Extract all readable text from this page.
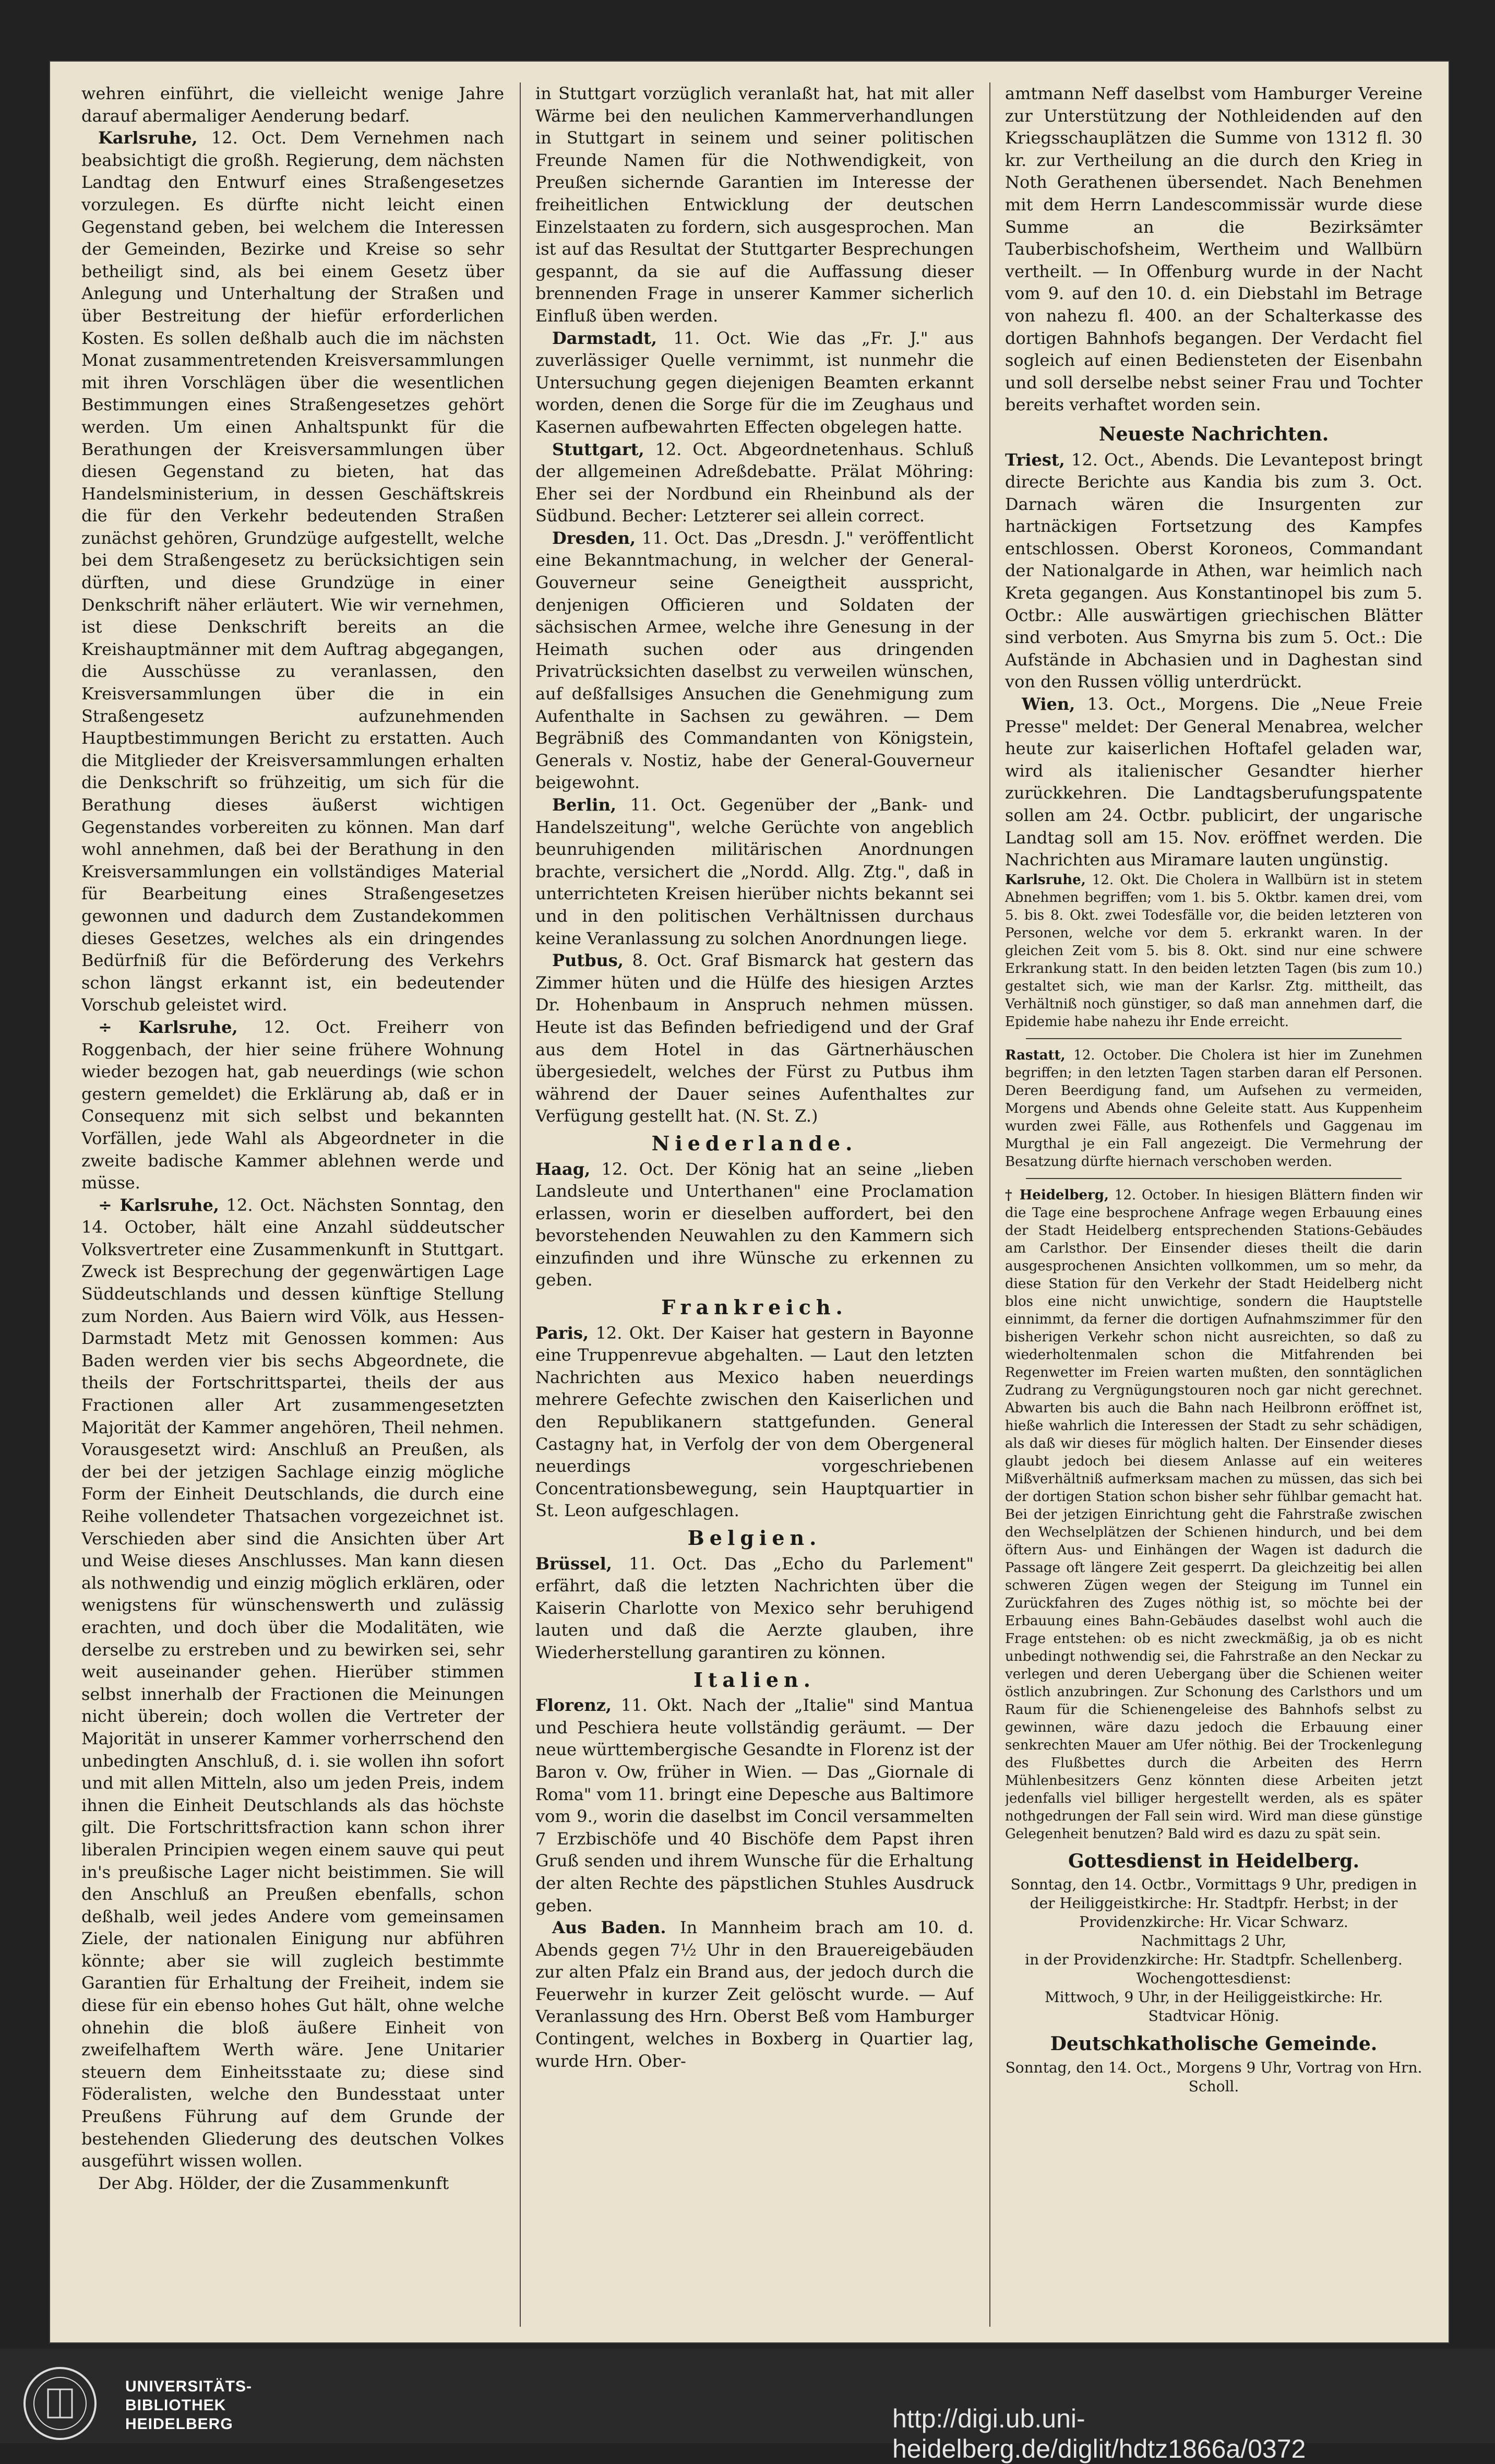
wehren einführt, die vielleicht wenige Jahre darauf abermaliger Aenderung bedarf.

Karlsruhe, 12. Oct. Dem Vernehmen nach beabsichtigt die großh. Regierung, dem nächsten Landtag den Entwurf eines Straßengesetzes vorzulegen. Es dürfte nicht leicht einen Gegenstand geben, bei welchem die Interessen der Gemeinden, Bezirke und Kreise so sehr betheiligt sind, als bei einem Gesetz über Anlegung und Unterhaltung der Straßen und über Bestreitung der hiefür erforderlichen Kosten. Es sollen deßhalb auch die im nächsten Monat zusammentretenden Kreisversammlungen mit ihren Vorschlägen über die wesentlichen Bestimmungen eines Straßengesetzes gehört werden. Um einen Anhaltspunkt für die Berathungen der Kreisversammlungen über diesen Gegenstand zu bieten, hat das Handelsministerium, in dessen Geschäftskreis die für den Verkehr bedeutenden Straßen zunächst gehören, Grundzüge aufgestellt, welche bei dem Straßengesetz zu berücksichtigen sein dürften, und diese Grundzüge in einer Denkschrift näher erläutert. Wie wir vernehmen, ist diese Denkschrift bereits an die Kreishauptmänner mit dem Auftrag abgegangen, die Ausschüsse zu veranlassen, den Kreisversammlungen über die in ein Straßengesetz aufzunehmenden Hauptbestimmungen Bericht zu erstatten. Auch die Mitglieder der Kreisversammlungen erhalten die Denkschrift so frühzeitig, um sich für die Berathung dieses äußerst wichtigen Gegenstandes vorbereiten zu können. Man darf wohl annehmen, daß bei der Berathung in den Kreisversammlungen ein vollständiges Material für Bearbeitung eines Straßengesetzes gewonnen und dadurch dem Zustandekommen dieses Gesetzes, welches als ein dringendes Bedürfniß für die Beförderung des Verkehrs schon längst erkannt ist, ein bedeutender Vorschub geleistet wird.

÷ Karlsruhe, 12. Oct. Freiherr von Roggenbach, der hier seine frühere Wohnung wieder bezogen hat, gab neuerdings (wie schon gestern gemeldet) die Erklärung ab, daß er in Consequenz mit sich selbst und bekannten Vorfällen, jede Wahl als Abgeordneter in die zweite badische Kammer ablehnen werde und müsse.

÷ Karlsruhe, 12. Oct. Nächsten Sonntag, den 14. October, hält eine Anzahl süddeutscher Volksvertreter eine Zusammenkunft in Stuttgart. Zweck ist Besprechung der gegenwärtigen Lage Süddeutschlands und dessen künftige Stellung zum Norden. Aus Baiern wird Völk, aus Hessen-Darmstadt Metz mit Genossen kommen: Aus Baden werden vier bis sechs Abgeordnete, die theils der Fortschrittspartei, theils der aus Fractionen aller Art zusammengesetzten Majorität der Kammer angehören, Theil nehmen. Vorausgesetzt wird: Anschluß an Preußen, als der bei der jetzigen Sachlage einzig mögliche Form der Einheit Deutschlands, die durch eine Reihe vollendeter Thatsachen vorgezeichnet ist. Verschieden aber sind die Ansichten über Art und Weise dieses Anschlusses. Man kann diesen als nothwendig und einzig möglich erklären, oder wenigstens für wünschenswerth und zulässig erachten, und doch über die Modalitäten, wie derselbe zu erstreben und zu bewirken sei, sehr weit auseinander gehen. Hierüber stimmen selbst innerhalb der Fractionen die Meinungen nicht überein; doch wollen die Vertreter der Majorität in unserer Kammer vorherrschend den unbedingten Anschluß, d. i. sie wollen ihn sofort und mit allen Mitteln, also um jeden Preis, indem ihnen die Einheit Deutschlands als das höchste gilt. Die Fortschrittsfraction kann schon ihrer liberalen Principien wegen einem sauve qui peut in's preußische Lager nicht beistimmen. Sie will den Anschluß an Preußen ebenfalls, schon deßhalb, weil jedes Andere vom gemeinsamen Ziele, der nationalen Einigung nur abführen könnte; aber sie will zugleich bestimmte Garantien für Erhaltung der Freiheit, indem sie diese für ein ebenso hohes Gut hält, ohne welche ohnehin die bloß äußere Einheit von zweifelhaftem Werth wäre. Jene Unitarier steuern dem Einheitsstaate zu; diese sind Föderalisten, welche den Bundesstaat unter Preußens Führung auf dem Grunde der bestehenden Gliederung des deutschen Volkes ausgeführt wissen wollen.

Der Abg. Hölder, der die Zusammenkunft

in Stuttgart vorzüglich veranlaßt hat, hat mit aller Wärme bei den neulichen Kammerverhandlungen in Stuttgart in seinem und seiner politischen Freunde Namen für die Nothwendigkeit, von Preußen sichernde Garantien im Interesse der freiheitlichen Entwicklung der deutschen Einzelstaaten zu fordern, sich ausgesprochen. Man ist auf das Resultat der Stuttgarter Besprechungen gespannt, da sie auf die Auffassung dieser brennenden Frage in unserer Kammer sicherlich Einfluß üben werden.

Darmstadt, 11. Oct. Wie das „Fr. J." aus zuverlässiger Quelle vernimmt, ist nunmehr die Untersuchung gegen diejenigen Beamten erkannt worden, denen die Sorge für die im Zeughaus und Kasernen aufbewahrten Effecten obgelegen hatte.

Stuttgart, 12. Oct. Abgeordnetenhaus. Schluß der allgemeinen Adreßdebatte. Prälat Möhring: Eher sei der Nordbund ein Rheinbund als der Südbund. Becher: Letzterer sei allein correct.

Dresden, 11. Oct. Das „Dresdn. J." veröffentlicht eine Bekanntmachung, in welcher der General-Gouverneur seine Geneigtheit ausspricht, denjenigen Officieren und Soldaten der sächsischen Armee, welche ihre Genesung in der Heimath suchen oder aus dringenden Privatrücksichten daselbst zu verweilen wünschen, auf deßfallsiges Ansuchen die Genehmigung zum Aufenthalte in Sachsen zu gewähren. — Dem Begräbniß des Commandanten von Königstein, Generals v. Nostiz, habe der General-Gouverneur beigewohnt.

Berlin, 11. Oct. Gegenüber der „Bank- und Handelszeitung", welche Gerüchte von angeblich beunruhigenden militärischen Anordnungen brachte, versichert die „Nordd. Allg. Ztg.", daß in unterrichteten Kreisen hierüber nichts bekannt sei und in den politischen Verhältnissen durchaus keine Veranlassung zu solchen Anordnungen liege.

Putbus, 8. Oct. Graf Bismarck hat gestern das Zimmer hüten und die Hülfe des hiesigen Arztes Dr. Hohenbaum in Anspruch nehmen müssen. Heute ist das Befinden befriedigend und der Graf aus dem Hotel in das Gärtnerhäuschen übergesiedelt, welches der Fürst zu Putbus ihm während der Dauer seines Aufenthaltes zur Verfügung gestellt hat. (N. St. Z.)

Niederlande.

Haag, 12. Oct. Der König hat an seine „lieben Landsleute und Unterthanen" eine Proclamation erlassen, worin er dieselben auffordert, bei den bevorstehenden Neuwahlen zu den Kammern sich einzufinden und ihre Wünsche zu erkennen zu geben.

Frankreich.

Paris, 12. Okt. Der Kaiser hat gestern in Bayonne eine Truppenrevue abgehalten. — Laut den letzten Nachrichten aus Mexico haben neuerdings mehrere Gefechte zwischen den Kaiserlichen und den Republikanern stattgefunden. General Castagny hat, in Verfolg der von dem Obergeneral neuerdings vorgeschriebenen Concentrationsbewegung, sein Hauptquartier in St. Leon aufgeschlagen.

Belgien.

Brüssel, 11. Oct. Das „Echo du Parlement" erfährt, daß die letzten Nachrichten über die Kaiserin Charlotte von Mexico sehr beruhigend lauten und daß die Aerzte glauben, ihre Wiederherstellung garantiren zu können.

Italien.

Florenz, 11. Okt. Nach der „Italie" sind Mantua und Peschiera heute vollständig geräumt. — Der neue württembergische Gesandte in Florenz ist der Baron v. Ow, früher in Wien. — Das „Giornale di Roma" vom 11. bringt eine Depesche aus Baltimore vom 9., worin die daselbst im Concil versammelten 7 Erzbischöfe und 40 Bischöfe dem Papst ihren Gruß senden und ihrem Wunsche für die Erhaltung der alten Rechte des päpstlichen Stuhles Ausdruck geben.

Aus Baden. In Mannheim brach am 10. d. Abends gegen 7½ Uhr in den Brauereigebäuden zur alten Pfalz ein Brand aus, der jedoch durch die Feuerwehr in kurzer Zeit gelöscht wurde. — Auf Veranlassung des Hrn. Oberst Beß vom Hamburger Contingent, welches in Boxberg in Quartier lag, wurde Hrn. Ober-

amtmann Neff daselbst vom Hamburger Vereine zur Unterstützung der Nothleidenden auf den Kriegsschauplätzen die Summe von 1312 fl. 30 kr. zur Vertheilung an die durch den Krieg in Noth Gerathenen übersendet. Nach Benehmen mit dem Herrn Landescommissär wurde diese Summe an die Bezirksämter Tauberbischofsheim, Wertheim und Wallbürn vertheilt. — In Offenburg wurde in der Nacht vom 9. auf den 10. d. ein Diebstahl im Betrage von nahezu fl. 400. an der Schalterkasse des dortigen Bahnhofs begangen. Der Verdacht fiel sogleich auf einen Bediensteten der Eisenbahn und soll derselbe nebst seiner Frau und Tochter bereits verhaftet worden sein.

Neueste Nachrichten.

Triest, 12. Oct., Abends. Die Levantepost bringt directe Berichte aus Kandia bis zum 3. Oct. Darnach wären die Insurgenten zur hartnäckigen Fortsetzung des Kampfes entschlossen. Oberst Koroneos, Commandant der Nationalgarde in Athen, war heimlich nach Kreta gegangen. Aus Konstantinopel bis zum 5. Octbr.: Alle auswärtigen griechischen Blätter sind verboten. Aus Smyrna bis zum 5. Oct.: Die Aufstände in Abchasien und in Daghestan sind von den Russen völlig unterdrückt.

Wien, 13. Oct., Morgens. Die „Neue Freie Presse" meldet: Der General Menabrea, welcher heute zur kaiserlichen Hoftafel geladen war, wird als italienischer Gesandter hierher zurückkehren. Die Landtagsberufungspatente sollen am 24. Octbr. publicirt, der ungarische Landtag soll am 15. Nov. eröffnet werden. Die Nachrichten aus Miramare lauten ungünstig.

Karlsruhe, 12. Okt. Die Cholera in Wallbürn ist in stetem Abnehmen begriffen; vom 1. bis 5. Oktbr. kamen drei, vom 5. bis 8. Okt. zwei Todesfälle vor, die beiden letzteren von Personen, welche vor dem 5. erkrankt waren. In der gleichen Zeit vom 5. bis 8. Okt. sind nur eine schwere Erkrankung statt. In den beiden letzten Tagen (bis zum 10.) gestaltet sich, wie man der Karlsr. Ztg. mittheilt, das Verhältniß noch günstiger, so daß man annehmen darf, die Epidemie habe nahezu ihr Ende erreicht.

Rastatt, 12. October. Die Cholera ist hier im Zunehmen begriffen; in den letzten Tagen starben daran elf Personen. Deren Beerdigung fand, um Aufsehen zu vermeiden, Morgens und Abends ohne Geleite statt. Aus Kuppenheim wurden zwei Fälle, aus Rothenfels und Gaggenau im Murgthal je ein Fall angezeigt. Die Vermehrung der Besatzung dürfte hiernach verschoben werden.

† Heidelberg, 12. October. In hiesigen Blättern finden wir die Tage eine besprochene Anfrage wegen Erbauung eines der Stadt Heidelberg entsprechenden Stations-Gebäudes am Carlsthor. Der Einsender dieses theilt die darin ausgesprochenen Ansichten vollkommen, um so mehr, da diese Station für den Verkehr der Stadt Heidelberg nicht blos eine nicht unwichtige, sondern die Hauptstelle einnimmt, da ferner die dortigen Aufnahmszimmer für den bisherigen Verkehr schon nicht ausreichten, so daß zu wiederholtenmalen schon die Mitfahrenden bei Regenwetter im Freien warten mußten, den sonntäglichen Zudrang zu Vergnügungstouren noch gar nicht gerechnet. Abwarten bis auch die Bahn nach Heilbronn eröffnet ist, hieße wahrlich die Interessen der Stadt zu sehr schädigen, als daß wir dieses für möglich halten. Der Einsender dieses glaubt jedoch bei diesem Anlasse auf ein weiteres Mißverhältniß aufmerksam machen zu müssen, das sich bei der dortigen Station schon bisher sehr fühlbar gemacht hat. Bei der jetzigen Einrichtung geht die Fahrstraße zwischen den Wechselplätzen der Schienen hindurch, und bei dem öftern Aus- und Einhängen der Wagen ist dadurch die Passage oft längere Zeit gesperrt. Da gleichzeitig bei allen schweren Zügen wegen der Steigung im Tunnel ein Zurückfahren des Zuges nöthig ist, so möchte bei der Erbauung eines Bahn-Gebäudes daselbst wohl auch die Frage entstehen: ob es nicht zweckmäßig, ja ob es nicht unbedingt nothwendig sei, die Fahrstraße an den Neckar zu verlegen und deren Uebergang über die Schienen weiter östlich anzubringen. Zur Schonung des Carlsthors und um Raum für die Schienengeleise des Bahnhofs selbst zu gewinnen, wäre dazu jedoch die Erbauung einer senkrechten Mauer am Ufer nöthig. Bei der Trockenlegung des Flußbettes durch die Arbeiten des Herrn Mühlenbesitzers Genz könnten diese Arbeiten jetzt jedenfalls viel billiger hergestellt werden, als es später nothgedrungen der Fall sein wird. Wird man diese günstige Gelegenheit benutzen? Bald wird es dazu zu spät sein.

Gottesdienst in Heidelberg.
Sonntag, den 14. Octbr., Vormittags 9 Uhr, predigen in der Heiliggeistkirche: Hr. Stadtpfr. Herbst; in der Providenzkirche: Hr. Vicar Schwarz.
Nachmittags 2 Uhr,
in der Providenzkirche: Hr. Stadtpfr. Schellenberg.
Wochengottesdienst:
Mittwoch, 9 Uhr, in der Heiliggeistkirche: Hr. Stadtvicar Hönig.
Deutschkatholische Gemeinde.
Sonntag, den 14. Oct., Morgens 9 Uhr, Vortrag von Hrn. Scholl.
UNIVERSITÄTS-
BIBLIOTHEK
HEIDELBERG	http://digi.ub.uni-heidelberg.de/diglit/hdtz1866a/0372
